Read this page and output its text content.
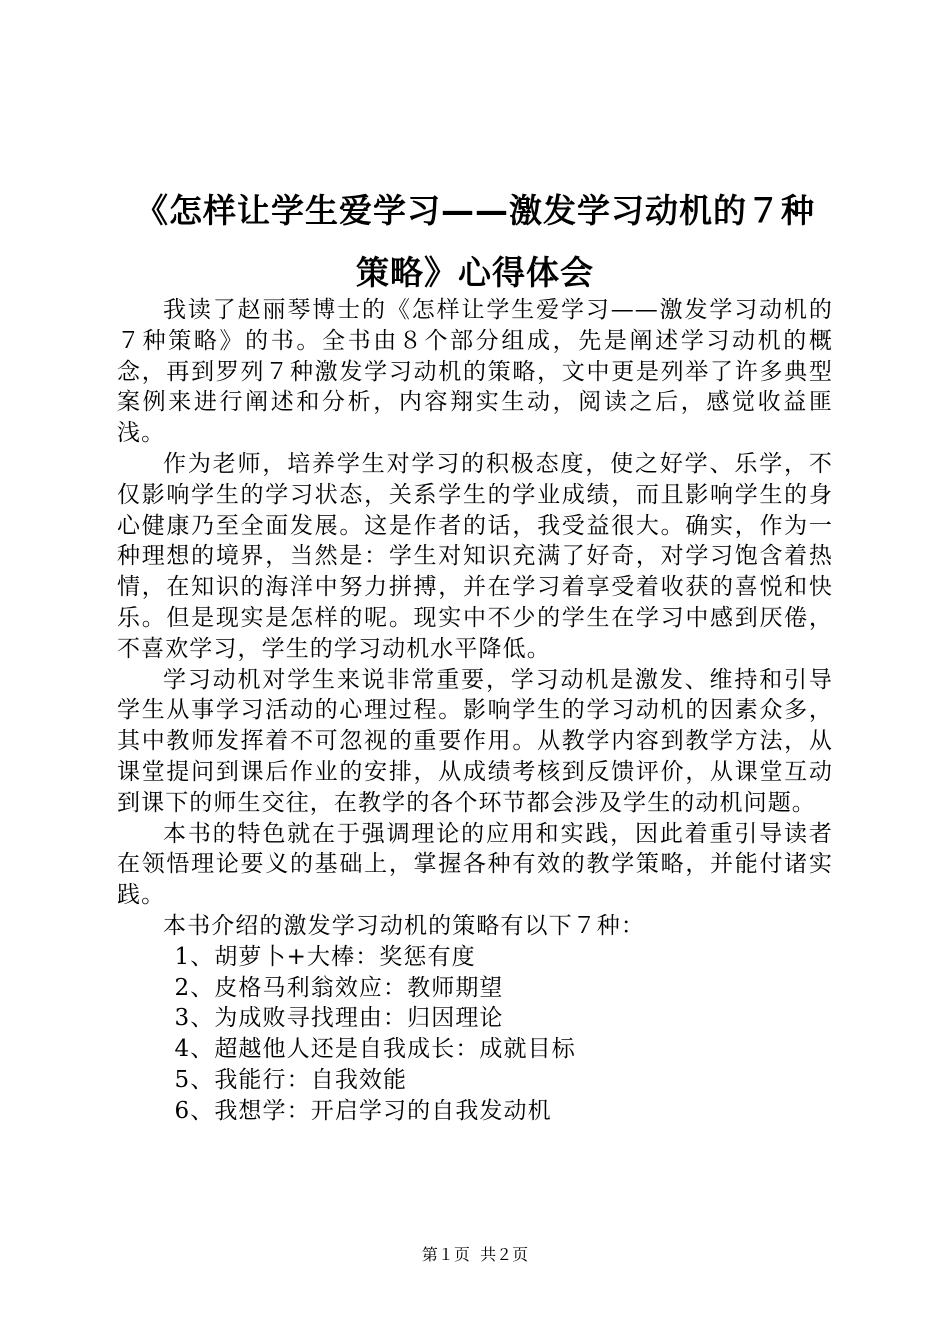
《怎样让学生爱学习——激发学习动机的７种
策略》心得体会

我读了赵丽琴博士的《怎样让学生爱学习——激发学习动机的７种策略》的书。全书由８个部分组成，先是阐述学习动机的概念，再到罗列７种激发学习动机的策略，文中更是列举了许多典型案例来进行阐述和分析，内容翔实生动，阅读之后，感觉收益匪浅。

作为老师，培养学生对学习的积极态度，使之好学、乐学，不仅影响学生的学习状态，关系学生的学业成绩，而且影响学生的身心健康乃至全面发展。这是作者的话，我受益很大。确实，作为一种理想的境界，当然是：学生对知识充满了好奇，对学习饱含着热情，在知识的海洋中努力拼搏，并在学习着享受着收获的喜悦和快乐。但是现实是怎样的呢。现实中不少的学生在学习中感到厌倦，不喜欢学习，学生的学习动机水平降低。

学习动机对学生来说非常重要，学习动机是激发、维持和引导学生从事学习活动的心理过程。影响学生的学习动机的因素众多，其中教师发挥着不可忽视的重要作用。从教学内容到教学方法，从课堂提问到课后作业的安排，从成绩考核到反馈评价，从课堂互动到课下的师生交往，在教学的各个环节都会涉及学生的动机问题。

本书的特色就在于强调理论的应用和实践，因此着重引导读者在领悟理论要义的基础上，掌握各种有效的教学策略，并能付诸实践。

本书介绍的激发学习动机的策略有以下７种：

1、胡萝卜+大棒：奖惩有度

2、皮格马利翁效应：教师期望

3、为成败寻找理由：归因理论

4、超越他人还是自我成长：成就目标

5、我能行：自我效能

6、我想学：开启学习的自我发动机

第１页 共２页
